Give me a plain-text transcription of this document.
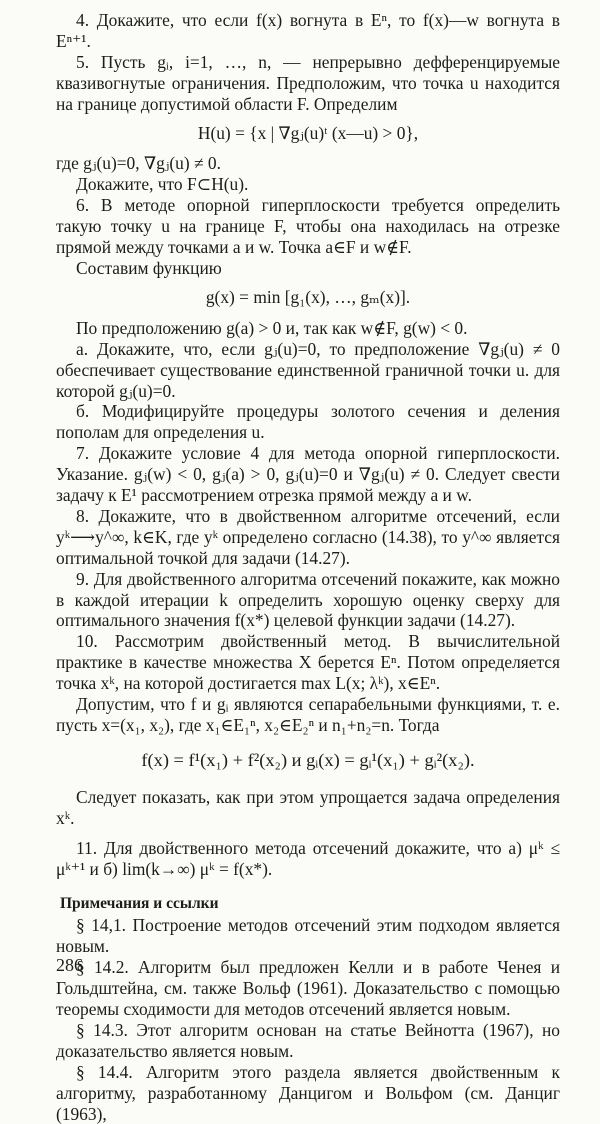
4. Докажите, что если f(x) вогнута в Eⁿ, то f(x)—w вогнута в Eⁿ⁺¹.

5. Пусть gᵢ, i=1, …, n, — непрерывно дефференцируемые квазивогнутые ограничения. Предположим, что точка u находится на границе допустимой области F. Определим

H(u) = {x | ∇gⱼ(u)ᵗ (x—u) > 0},

где gⱼ(u)=0, ∇gⱼ(u) ≠ 0.

Докажите, что F⊂H(u).

6. В методе опорной гиперплоскости требуется определить такую точку u на границе F, чтобы она находилась на отрезке прямой между точками a и w. Точка a∈F и w∉F.

Составим функцию

g(x) = min [g₁(x), …, gₘ(x)].

По предположению g(a) > 0 и, так как w∉F, g(w) < 0.

а. Докажите, что, если gⱼ(u)=0, то предположение ∇gⱼ(u) ≠ 0 обеспечивает существование единственной граничной точки u. для которой gⱼ(u)=0.

б. Модифицируйте процедуры золотого сечения и деления пополам для определения u.

7. Докажите условие 4 для метода опорной гиперплоскости. Указание. gⱼ(w) < 0, gⱼ(a) > 0, gⱼ(u)=0 и ∇gⱼ(u) ≠ 0. Следует свести задачу к E¹ рассмотрением отрезка прямой между a и w.

8. Докажите, что в двойственном алгоритме отсечений, если yᵏ⟶y^∞, k∈K, где yᵏ определено согласно (14.38), то y^∞ является оптимальной точкой для задачи (14.27).

9. Для двойственного алгоритма отсечений покажите, как можно в каждой итерации k определить хорошую оценку сверху для оптимального значения f(x*) целевой функции задачи (14.27).

10. Рассмотрим двойственный метод. В вычислительной практике в качестве множества X берется Eⁿ. Потом определяется точка xᵏ, на которой достигается max L(x; λᵏ), x∈Eⁿ.

Допустим, что f и gᵢ являются сепарабельными функциями, т. е. пусть x=(x₁, x₂), где x₁∈E₁ⁿ, x₂∈E₂ⁿ и n₁+n₂=n. Тогда

f(x) = f¹(x₁) + f²(x₂) и gᵢ(x) = gᵢ¹(x₁) + gᵢ²(x₂).

Следует показать, как при этом упрощается задача определения xᵏ.

11. Для двойственного метода отсечений докажите, что а) μᵏ ≤ μᵏ⁺¹ и б) lim(k→∞) μᵏ = f(x*).

Примечания и ссылки

§ 14,1. Построение методов отсечений этим подходом является новым.

§ 14.2. Алгоритм был предложен Келли и в работе Ченея и Гольдштейна, см. также Вольф (1961). Доказательство с помощью теоремы сходимости для методов отсечений является новым.

§ 14.3. Этот алгоритм основан на статье Вейнотта (1967), но доказательство является новым.

§ 14.4. Алгоритм этого раздела является двойственным к алгоритму, разработанному Данцигом и Вольфом (см. Данциг (1963),

286
